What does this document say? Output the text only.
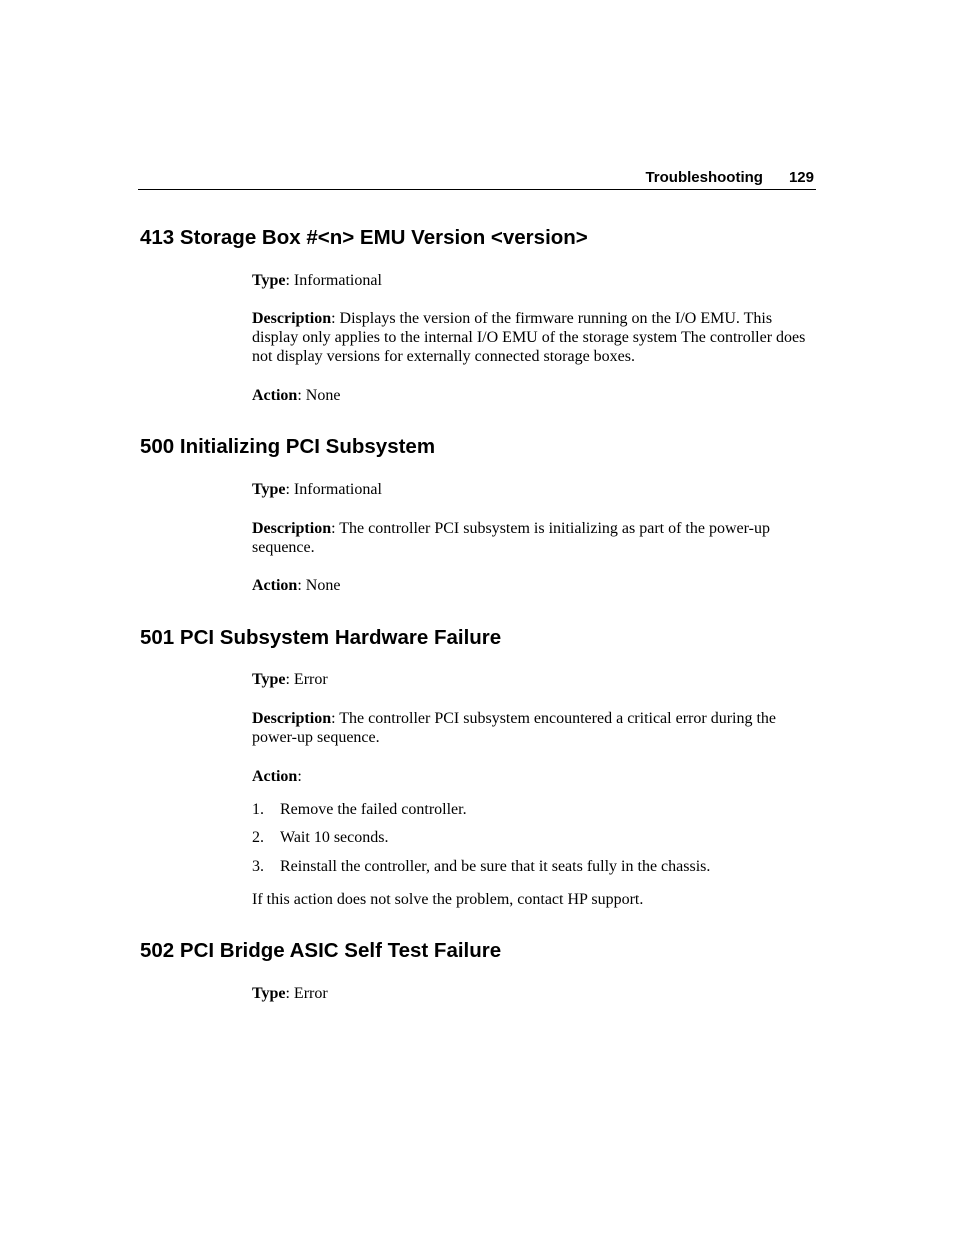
Troubleshooting 129
413 Storage Box #<n> EMU Version <version>

Type: Informational

Description: Displays the version of the firmware running on the I/O EMU. This display only applies to the internal I/O EMU of the storage system The controller does not display versions for externally connected storage boxes.

Action: None

500 Initializing PCI Subsystem

Type: Informational

Description: The controller PCI subsystem is initializing as part of the power-up sequence.

Action: None

501 PCI Subsystem Hardware Failure

Type: Error

Description: The controller PCI subsystem encountered a critical error during the power-up sequence.

Action:

1. Remove the failed controller.

2. Wait 10 seconds.

3. Reinstall the controller, and be sure that it seats fully in the chassis.

If this action does not solve the problem, contact HP support.

502 PCI Bridge ASIC Self Test Failure

Type: Error
